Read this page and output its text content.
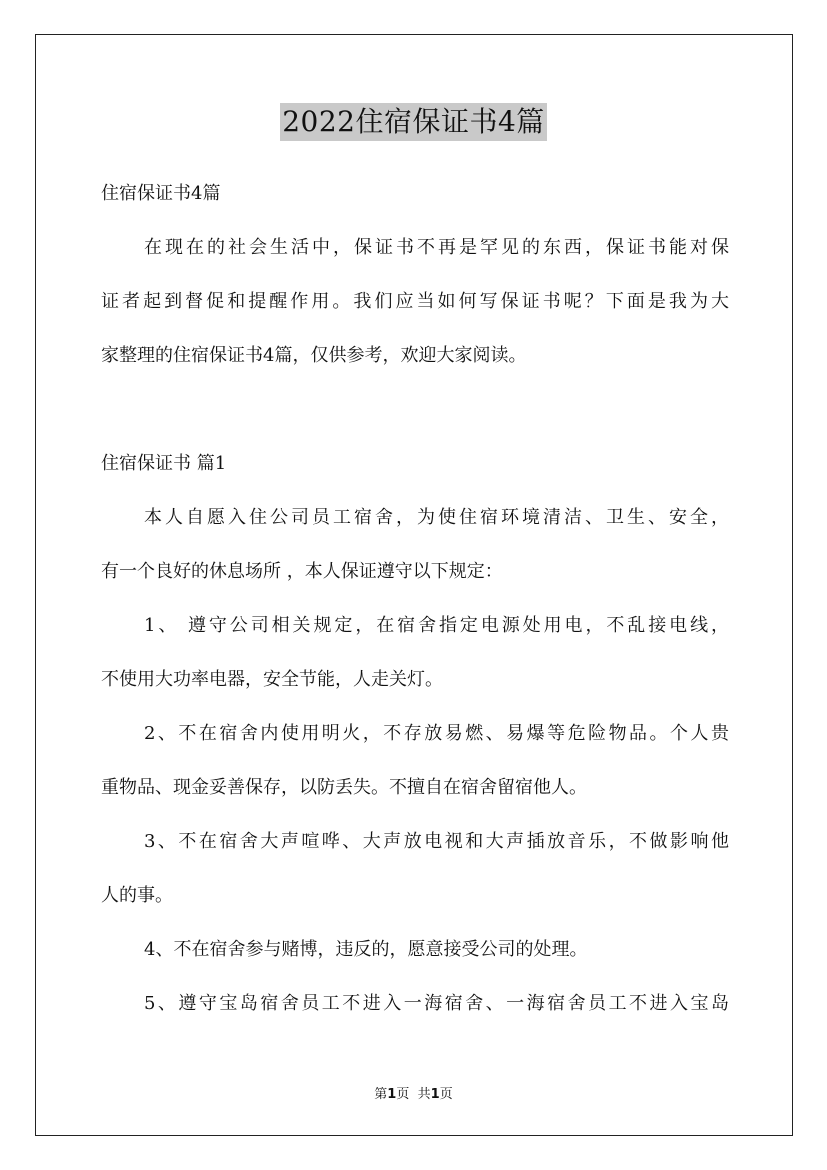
2022住宿保证书4篇
住宿保证书4篇
在现在的社会生活中，保证书不再是罕见的东西，保证书能对保
证者起到督促和提醒作用。我们应当如何写保证书呢？下面是我为大
家整理的住宿保证书4篇，仅供参考，欢迎大家阅读。
住宿保证书 篇1
本人自愿入住公司员工宿舍，为使住宿环境清洁、卫生、安全，
有一个良好的休息场所 ，本人保证遵守以下规定：
1、 遵守公司相关规定，在宿舍指定电源处用电，不乱接电线，
不使用大功率电器，安全节能，人走关灯。
2、不在宿舍内使用明火，不存放易燃、易爆等危险物品。个人贵
重物品、现金妥善保存，以防丢失。不擅自在宿舍留宿他人。
3、不在宿舍大声喧哗、大声放电视和大声插放音乐，不做影响他
人的事。
4、不在宿舍参与赌博，违反的，愿意接受公司的处理。
5、遵守宝岛宿舍员工不进入一海宿舍、一海宿舍员工不进入宝岛
第1页 共1页
